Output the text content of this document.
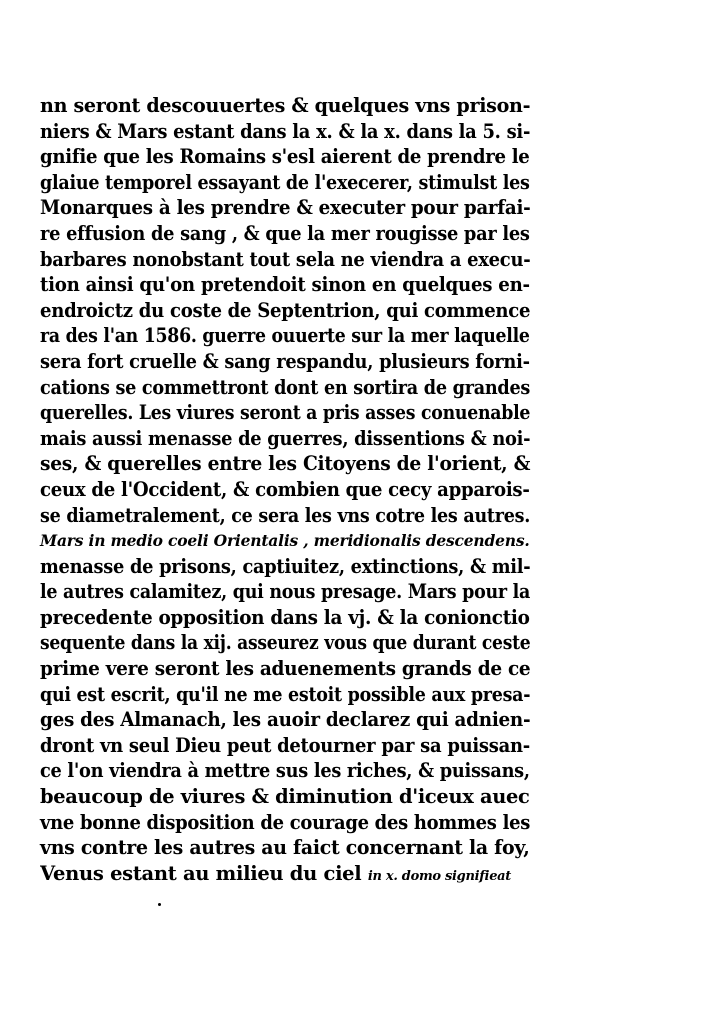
nn seront descouuertes & quelques vns prison-
niers & Mars estant dans la x. & la x. dans la 5. si-
gnifie que les Romains s'esl aierent de prendre le
glaiue temporel essayant de l'execerer, stimulst les
Monarques à les prendre & executer pour parfai-
re effusion de sang , & que la mer rougisse par les
barbares nonobstant tout sela ne viendra a execu-
tion ainsi qu'on pretendoit sinon en quelques en-
endroictz du coste de Septentrion, qui commence
ra des l'an 1586. guerre ouuerte sur la mer laquelle
sera fort cruelle & sang respandu, plusieurs forni-
cations se commettront dont en sortira de grandes
querelles. Les viures seront a pris asses conuenable
mais aussi menasse de guerres, dissentions & noi-
ses, & querelles entre les Citoyens de l'orient, &
ceux de l'Occident, & combien que cecy apparois-
se diametralement, ce sera les vns cotre les autres.
Mars in medio coeli Orientalis , meridionalis descendens.
menasse de prisons, captiuitez, extinctions, & mil-
le autres calamitez, qui nous presage. Mars pour la
precedente opposition dans la vj. & la conionctio
sequente dans la xij. asseurez vous que durant ceste
prime vere seront les aduenements grands de ce
qui est escrit, qu'il ne me estoit possible aux presa-
ges des Almanach, les auoir declarez qui adnien-
dront vn seul Dieu peut detourner par sa puissan-
ce l'on viendra à mettre sus les riches, & puissans,
beaucoup de viures & diminution d'iceux auec
vne bonne disposition de courage des hommes les
vns contre les autres au faict concernant la foy,
Venus estant au milieu du ciel in x. domo signifieat
